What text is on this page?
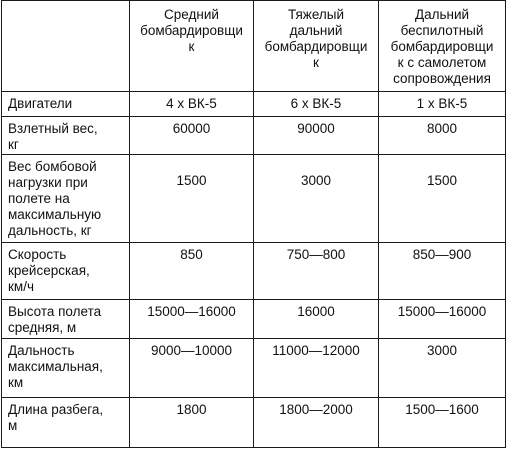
	Средний
бомбардировщи
к	Тяжелый
дальний
бомбардировщи
к	Дальний
беспилотный
бомбардировщи
к с самолетом
сопровождения
Двигатели	4 х ВК-5	6 х ВК-5	1 х ВК-5
Взлетный вес,
кг	60000	90000	8000
Вес бомбовой
нагрузки при
полете на
максимальную
дальность, кг	1500	3000	1500
Скорость
крейсерская,
км/ч	850	750—800	850—900
Высота полета
средняя, м	15000—16000	16000	15000—16000
Дальность
максимальная,
км	9000—10000	11000—12000	3000
Длина разбега,
м	1800	1800—2000	1500—1600
